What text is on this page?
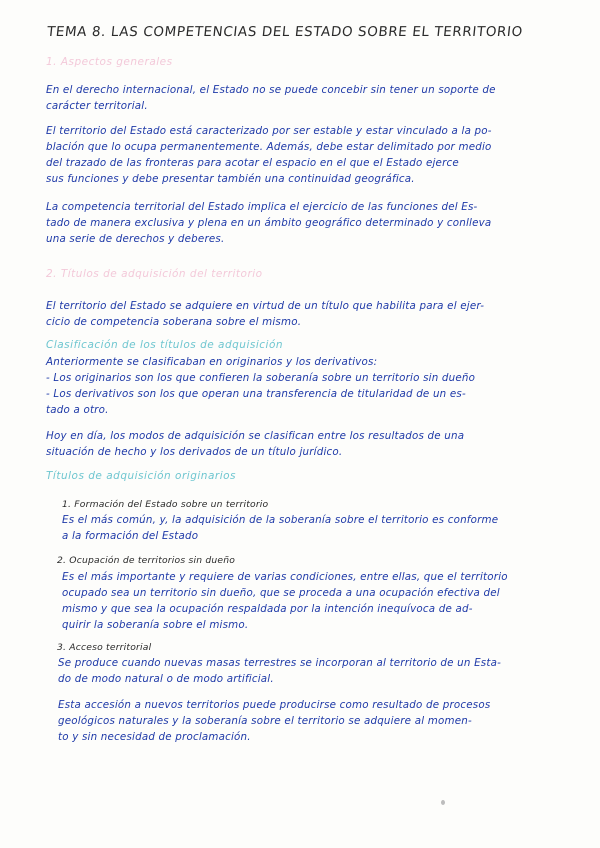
TEMA 8. LAS COMPETENCIAS DEL ESTADO SOBRE EL TERRITORIO
1. Aspectos generales

En el derecho internacional, el Estado no se puede concebir sin tener un soporte de
carácter territorial.

El territorio del Estado está caracterizado por ser estable y estar vinculado a la po-
blación que lo ocupa permanentemente. Además, debe estar delimitado por medio
del trazado de las fronteras para acotar el espacio en el que el Estado ejerce
sus funciones y debe presentar también una continuidad geográfica.

La competencia territorial del Estado implica el ejercicio de las funciones del Es-
tado de manera exclusiva y plena en un ámbito geográfico determinado y conlleva
una serie de derechos y deberes.

2. Títulos de adquisición del territorio

El territorio del Estado se adquiere en virtud de un título que habilita para el ejer-
cicio de competencia soberana sobre el mismo.

Clasificación de los títulos de adquisición

Anteriormente se clasificaban en originarios y los derivativos:
- Los originarios son los que confieren la soberanía sobre un territorio sin dueño
- Los derivativos son los que operan una transferencia de titularidad de un es-
tado a otro.

Hoy en día, los modos de adquisición se clasifican entre los resultados de una
situación de hecho y los derivados de un título jurídico.

Títulos de adquisición originarios
1. Formación del Estado sobre un territorio

Es el más común, y, la adquisición de la soberanía sobre el territorio es conforme
a la formación del Estado

2. Ocupación de territorios sin dueño

Es el más importante y requiere de varias condiciones, entre ellas, que el territorio
ocupado sea un territorio sin dueño, que se proceda a una ocupación efectiva del
mismo y que sea la ocupación respaldada por la intención inequívoca de ad-
quirir la soberanía sobre el mismo.

3. Acceso territorial

Se produce cuando nuevas masas terrestres se incorporan al territorio de un Esta-
do de modo natural o de modo artificial.

Esta accesión a nuevos territorios puede producirse como resultado de procesos
geológicos naturales y la soberanía sobre el territorio se adquiere al momen-
to y sin necesidad de proclamación.
